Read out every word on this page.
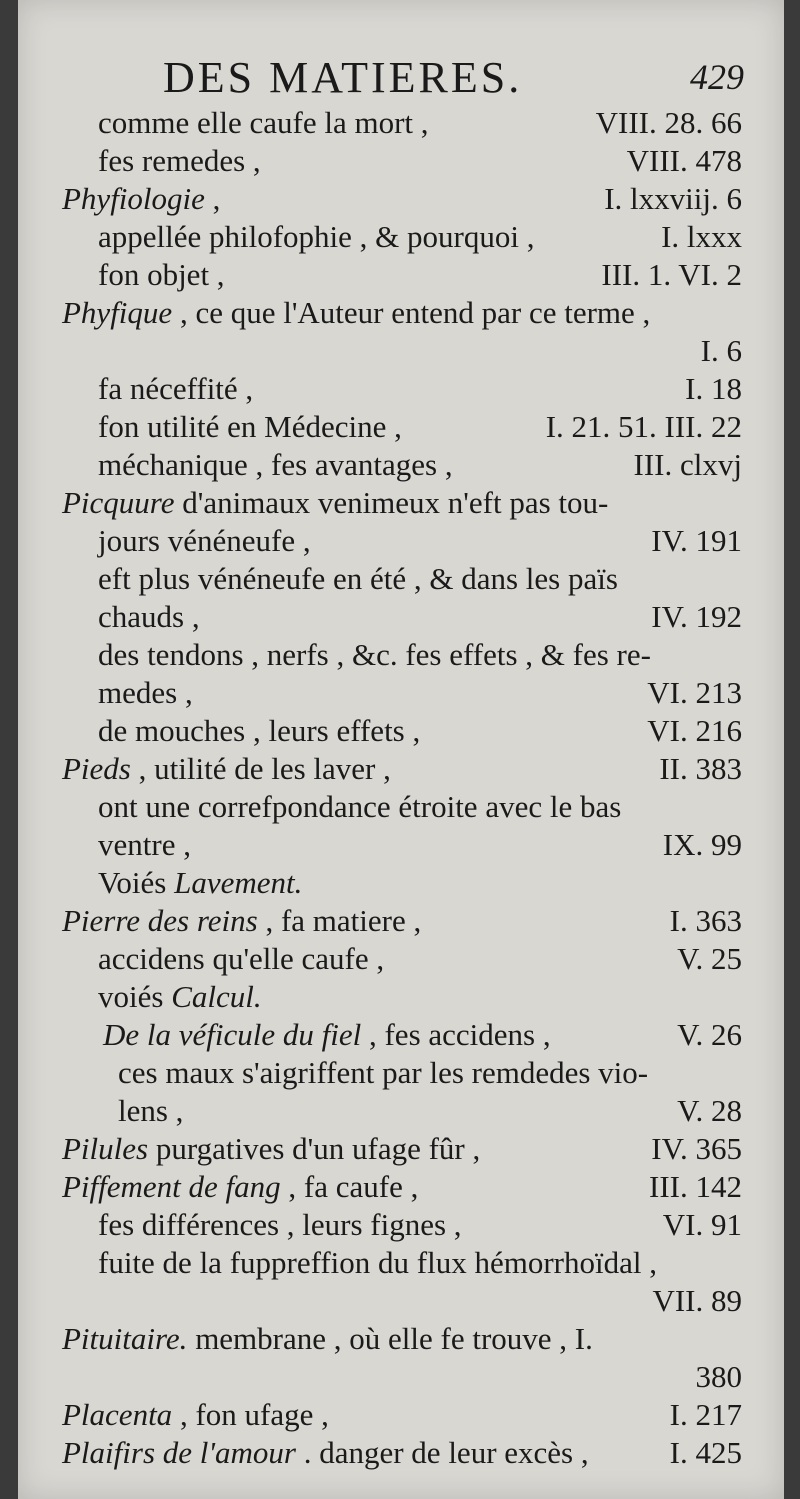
DES MATIERES.	429
comme elle caufe la mort ,	VIII. 28. 66
fes remedes ,	VIII. 478
Phyfiologie ,	I. lxxviij. 6
appellée philofophie , & pourquoi ,	I. lxxx
fon objet ,	III. 1. VI. 2
Phyfique , ce que l'Auteur entend par ce terme ,
I. 6
fa néceffité ,	I. 18
fon utilité en Médecine ,	I. 21. 51. III. 22
méchanique , fes avantages ,	III. clxvj
Picquure d'animaux venimeux n'eft pas tou-
jours vénéneufe ,	IV. 191
eft plus vénéneufe en été , & dans les païs
chauds ,	IV. 192
des tendons , nerfs , &c. fes effets , & fes re-
medes ,	VI. 213
de mouches , leurs effets ,	VI. 216
Pieds , utilité de les laver ,	II. 383
ont une correfpondance étroite avec le bas
ventre ,	IX. 99
Voiés Lavement.
Pierre des reins , fa matiere ,	I. 363
accidens qu'elle caufe ,	V. 25
voiés Calcul.
De la véficule du fiel , fes accidens ,	V. 26
ces maux s'aigriffent par les remdedes vio-
lens ,	V. 28
Pilules purgatives d'un ufage fûr ,	IV. 365
Piffement de fang , fa caufe ,	III. 142
fes différences , leurs fignes ,	VI. 91
fuite de la fuppreffion du flux hémorrhoïdal ,
VII. 89
Pituitaire. membrane , où elle fe trouve , I.
380
Placenta , fon ufage ,	I. 217
Plaifirs de l'amour . danger de leur excès ,	I. 425
